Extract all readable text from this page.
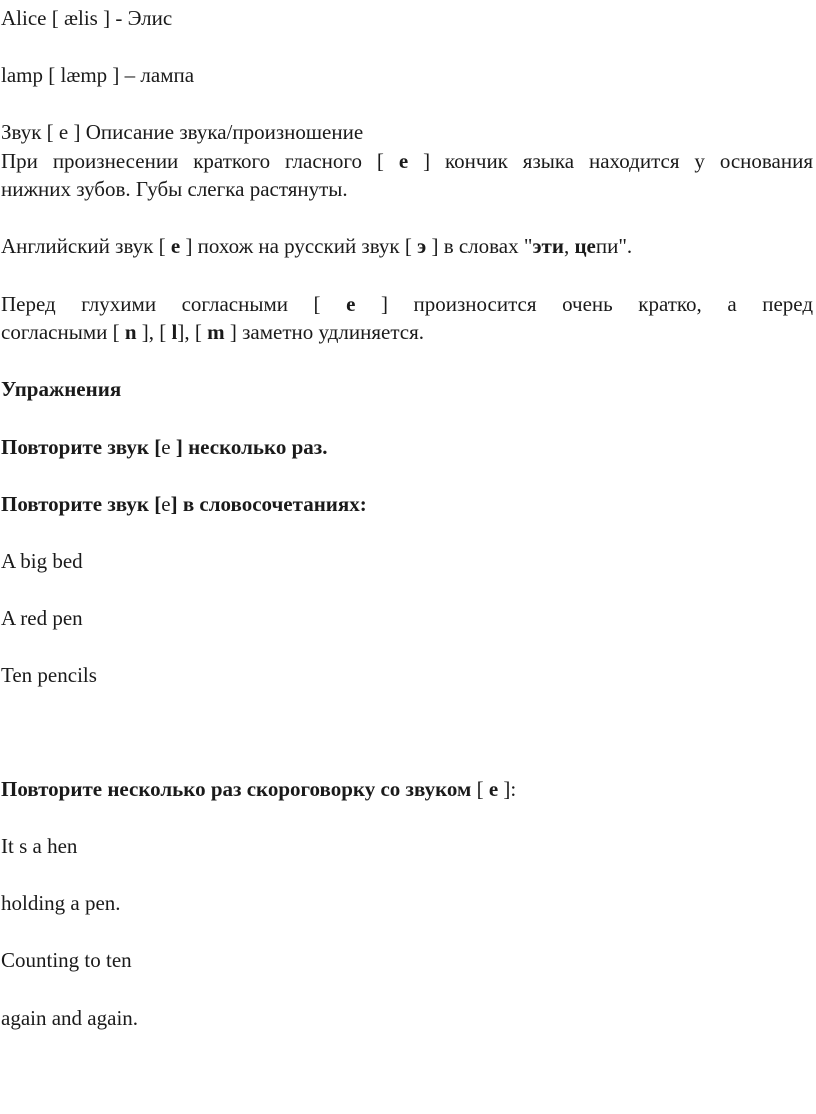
Alice [ ælis ] - Элис
lamp [ læmp ] – лампа
Звук [ e ] Описание звука/произношение
При произнесении краткого гласного [ e ] кончик языка находится у основания
нижних зубов. Губы слегка растянуты.
Английский звук [ e ] похож на русский звук [ э ] в словах "эти, цепи".
Перед глухими согласными [ e ] произносится очень кратко, а перед
согласными [ n ], [ l], [ m ] заметно удлиняется.
Упражнения
Повторите звук [e ] несколько раз.
Повторите звук [e] в словосочетаниях:
A big bed
A red pen
Ten pencils
Повторите несколько раз скороговорку со звуком [ e ]:
It s a hen
holding a pen.
Counting to ten
again and again.
